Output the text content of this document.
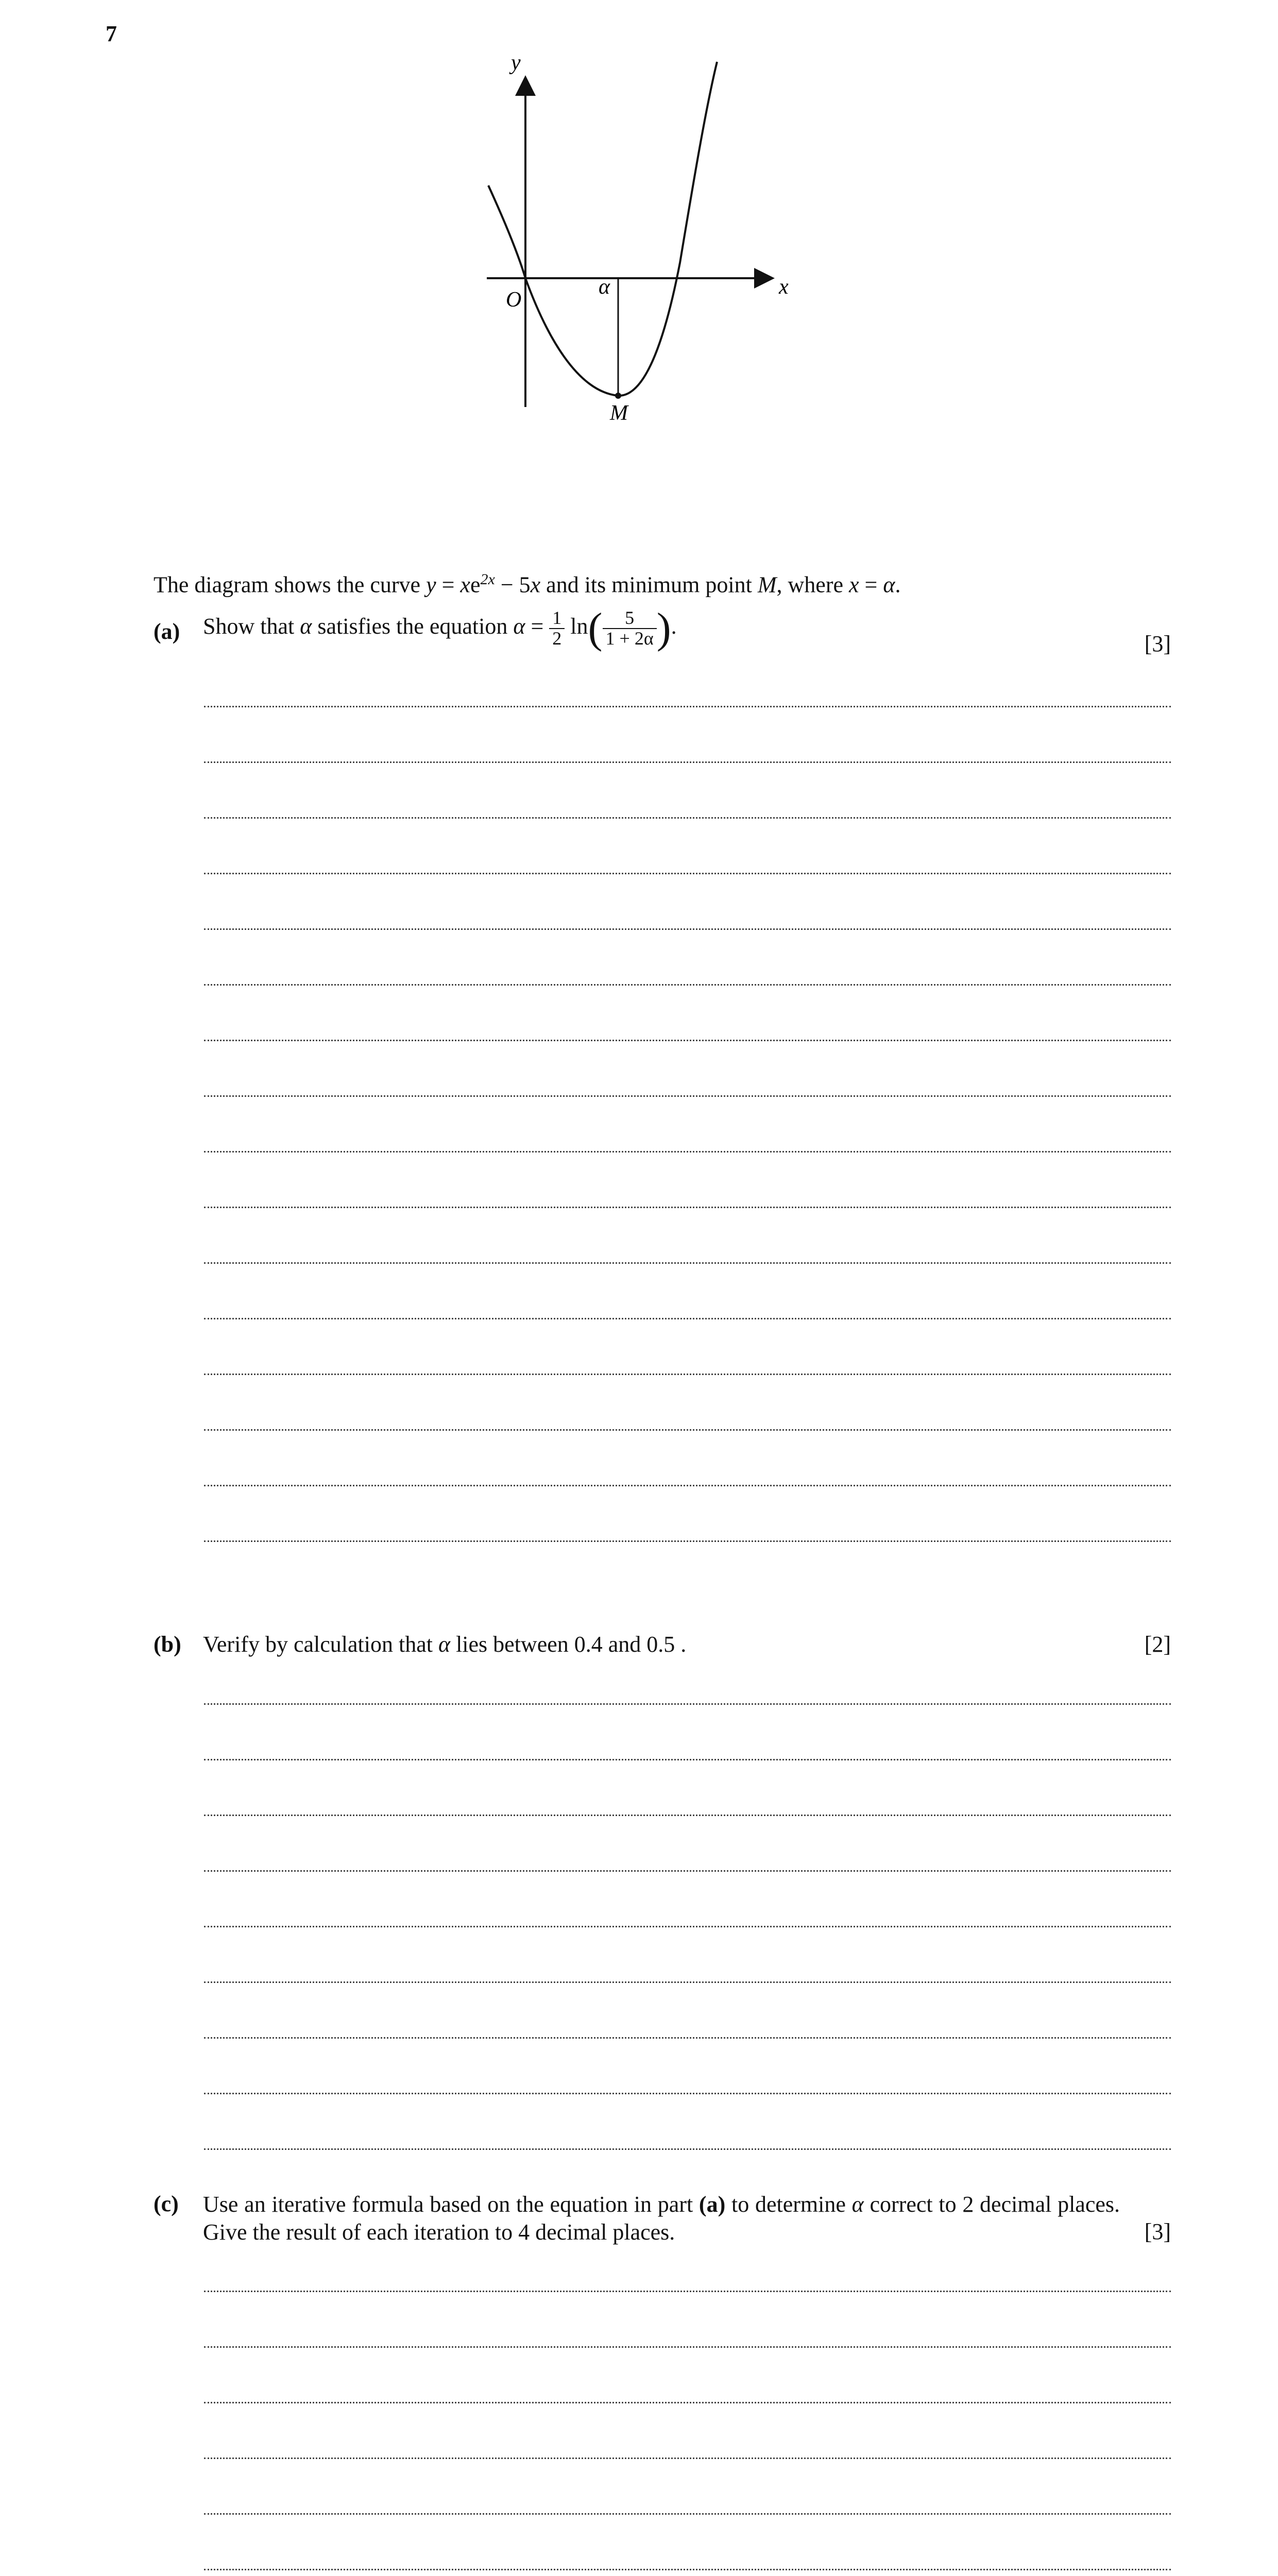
7
y
x
O
α
M
The diagram shows the curve $y = xe^{2x} - 5x$ and its minimum point M, where x = α.
(a) Show that α satisfies the equation $\alpha = \frac{1}{2} \ln( \frac{5}{1 + 2\alpha}$ ).
[3]
(b) Verify by calculation that α lies between 0.4 and 0.5 .	[2]
(c) Use an iterative formula based on the equation in part (a) to determine α correct to 2 decimal places. Give the result of each iteration to 4 decimal places.	[3]
